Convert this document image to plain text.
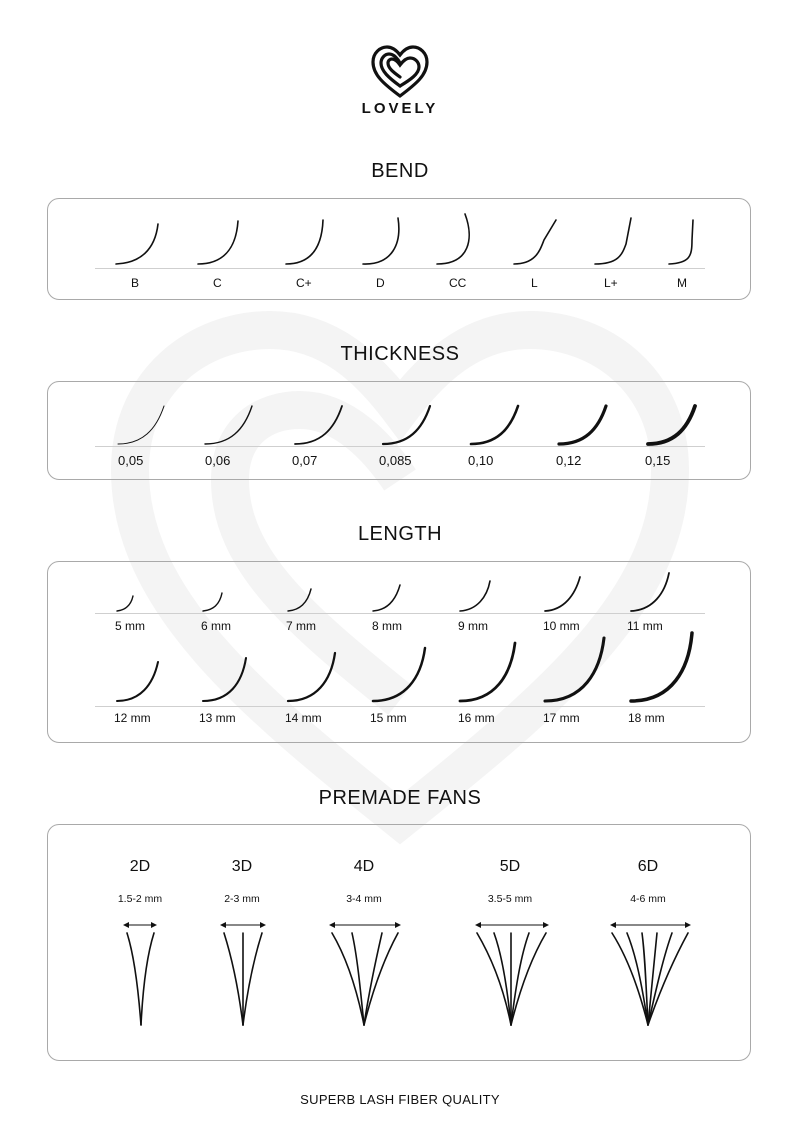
LOVELY
BEND
B	C	C+	D	CC	L	L+	M
THICKNESS
0,05	0,06	0,07	0,085	0,10	0,12	0,15
LENGTH
5 mm	6 mm	7 mm	8 mm	9 mm	10 mm	11 mm
12 mm	13 mm	14 mm	15 mm	16 mm	17 mm	18 mm
PREMADE FANS
2D	3D	4D	5D	6D
1.5-2 mm	2-3 mm	3-4 mm	3.5-5 mm	4-6 mm
SUPERB LASH FIBER QUALITY
